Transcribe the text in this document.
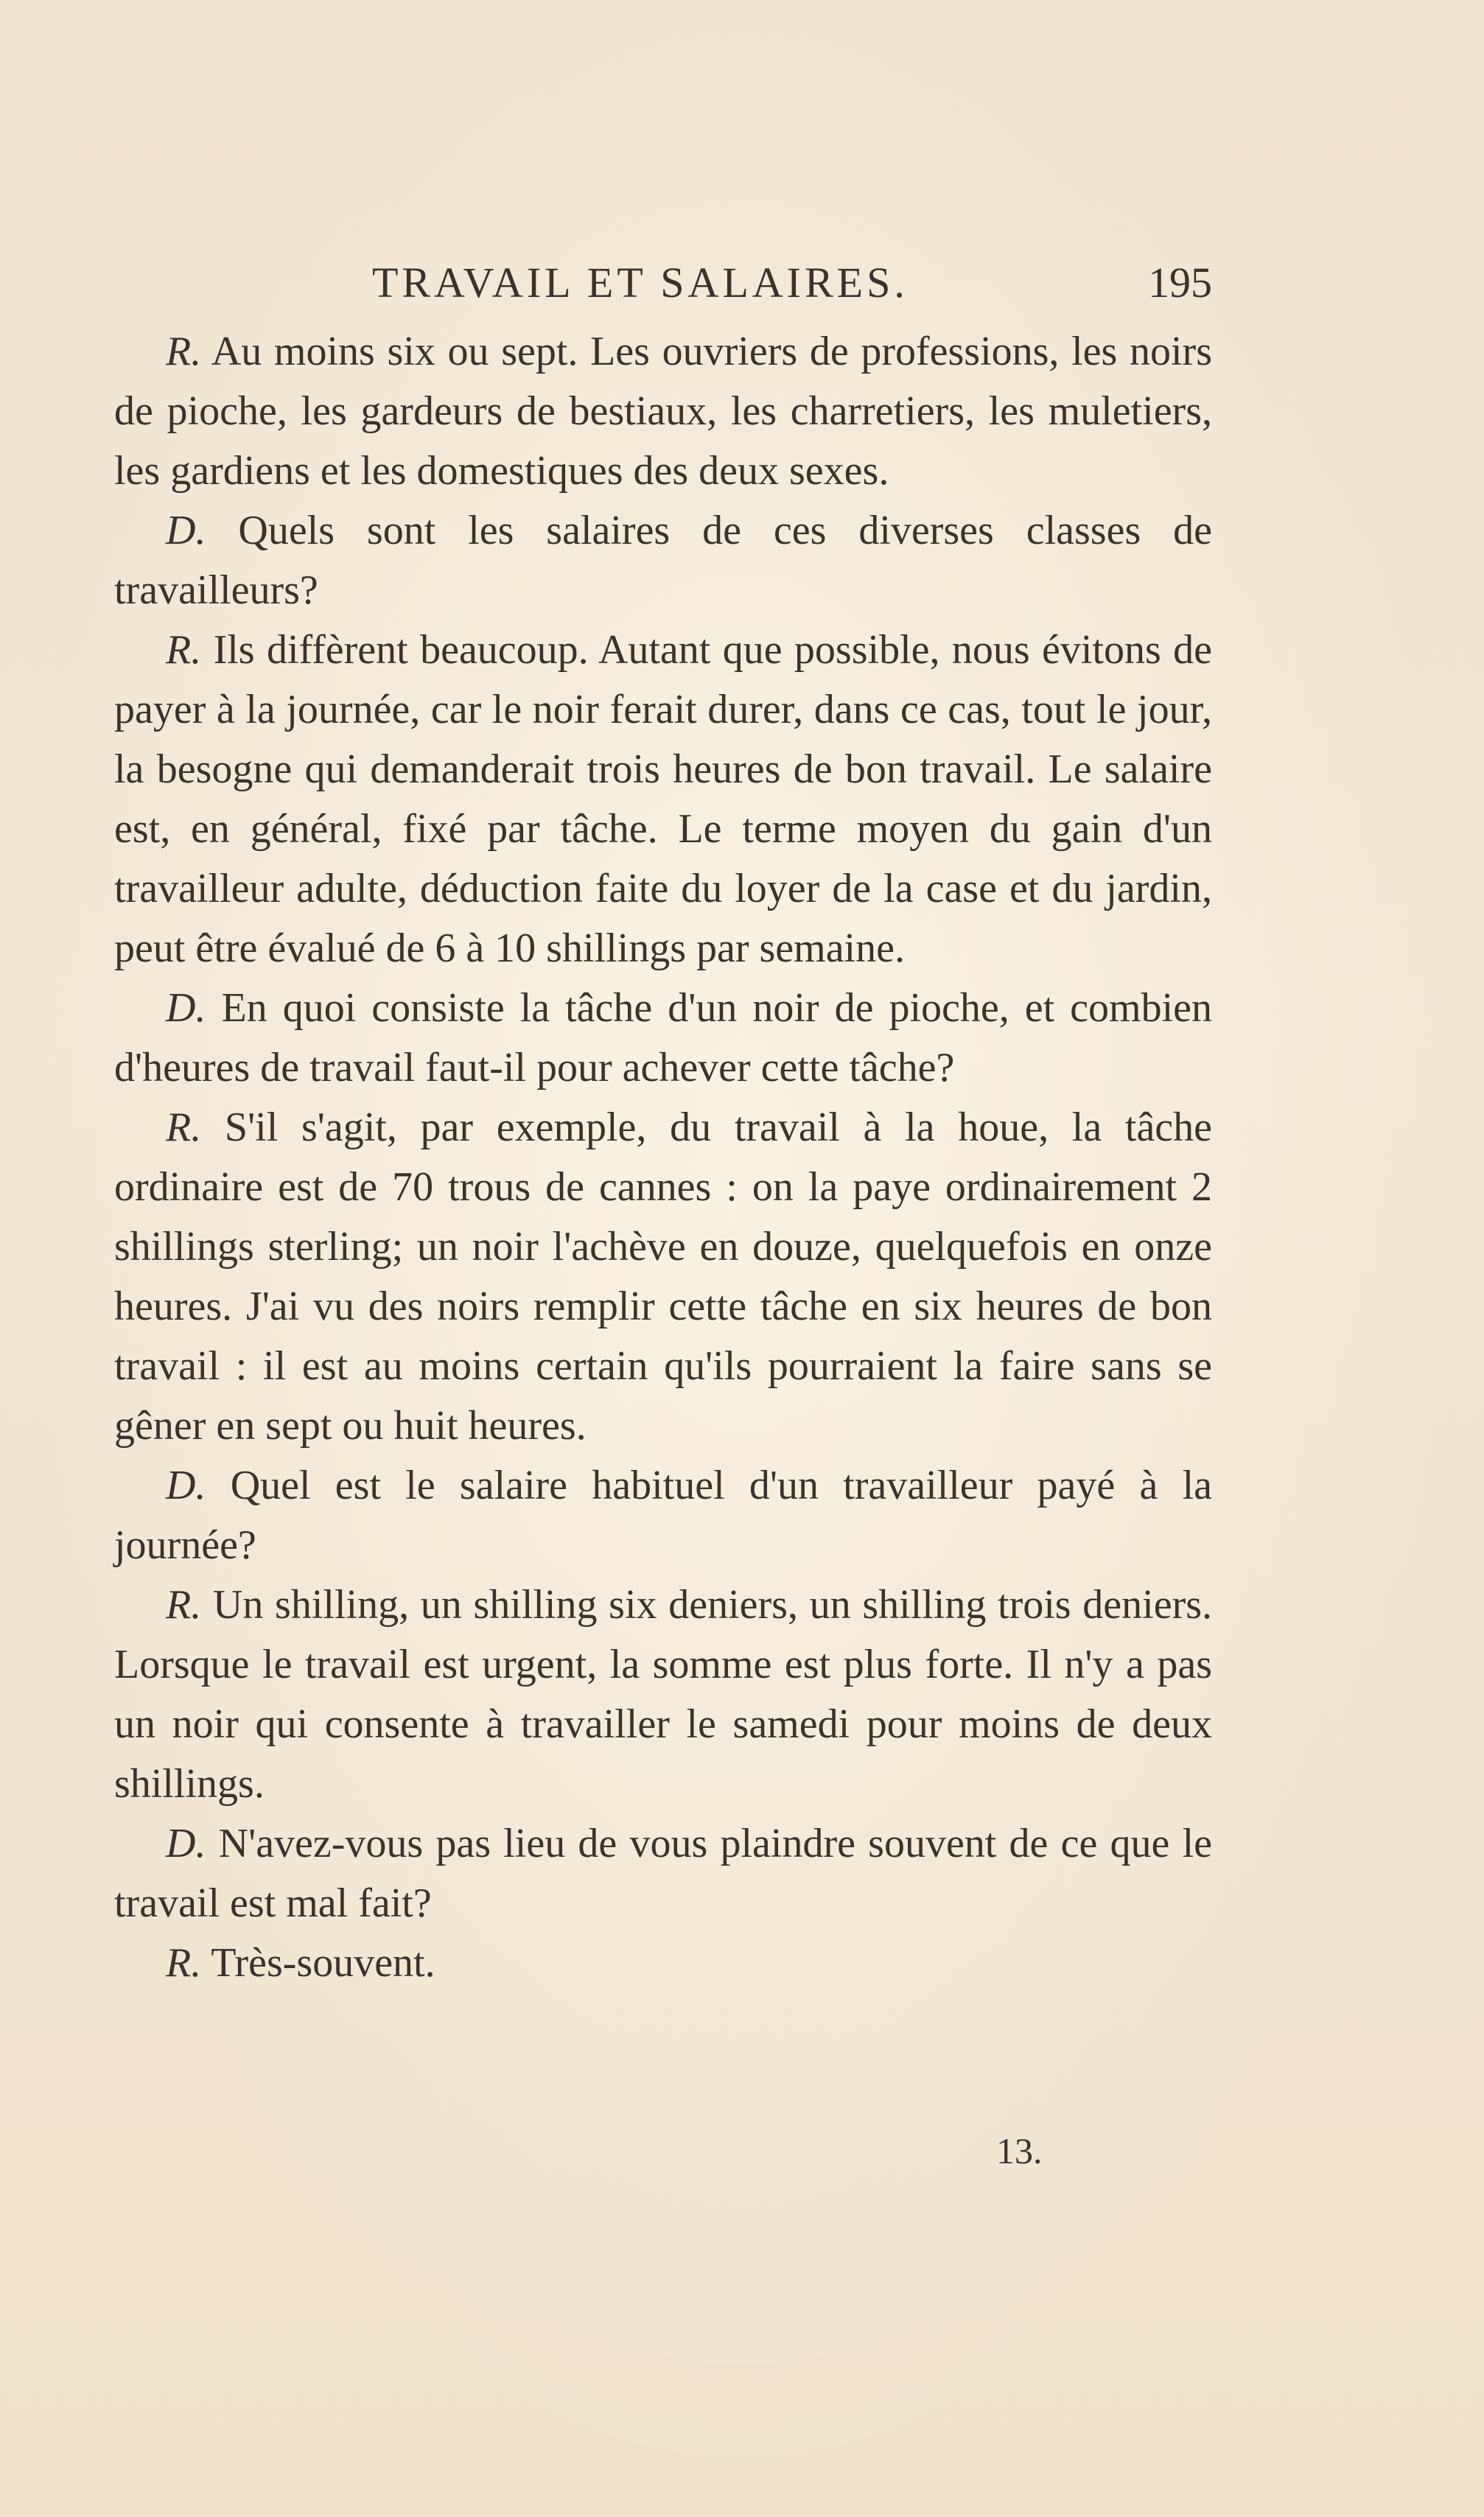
TRAVAIL ET SALAIRES.	195

R. Au moins six ou sept. Les ouvriers de professions, les noirs de pioche, les gardeurs de bestiaux, les charretiers, les muletiers, les gardiens et les domestiques des deux sexes.

D. Quels sont les salaires de ces diverses classes de travailleurs?

R. Ils diffèrent beaucoup. Autant que possible, nous évitons de payer à la journée, car le noir ferait durer, dans ce cas, tout le jour, la besogne qui demanderait trois heures de bon travail. Le salaire est, en général, fixé par tâche. Le terme moyen du gain d'un travailleur adulte, déduction faite du loyer de la case et du jardin, peut être évalué de 6 à 10 shillings par semaine.

D. En quoi consiste la tâche d'un noir de pioche, et combien d'heures de travail faut-il pour achever cette tâche?

R. S'il s'agit, par exemple, du travail à la houe, la tâche ordinaire est de 70 trous de cannes : on la paye ordinairement 2 shillings sterling; un noir l'achève en douze, quelquefois en onze heures. J'ai vu des noirs remplir cette tâche en six heures de bon travail : il est au moins certain qu'ils pourraient la faire sans se gêner en sept ou huit heures.

D. Quel est le salaire habituel d'un travailleur payé à la journée?

R. Un shilling, un shilling six deniers, un shilling trois deniers. Lorsque le travail est urgent, la somme est plus forte. Il n'y a pas un noir qui consente à travailler le samedi pour moins de deux shillings.

D. N'avez-vous pas lieu de vous plaindre souvent de ce que le travail est mal fait?

R. Très-souvent.

13.
